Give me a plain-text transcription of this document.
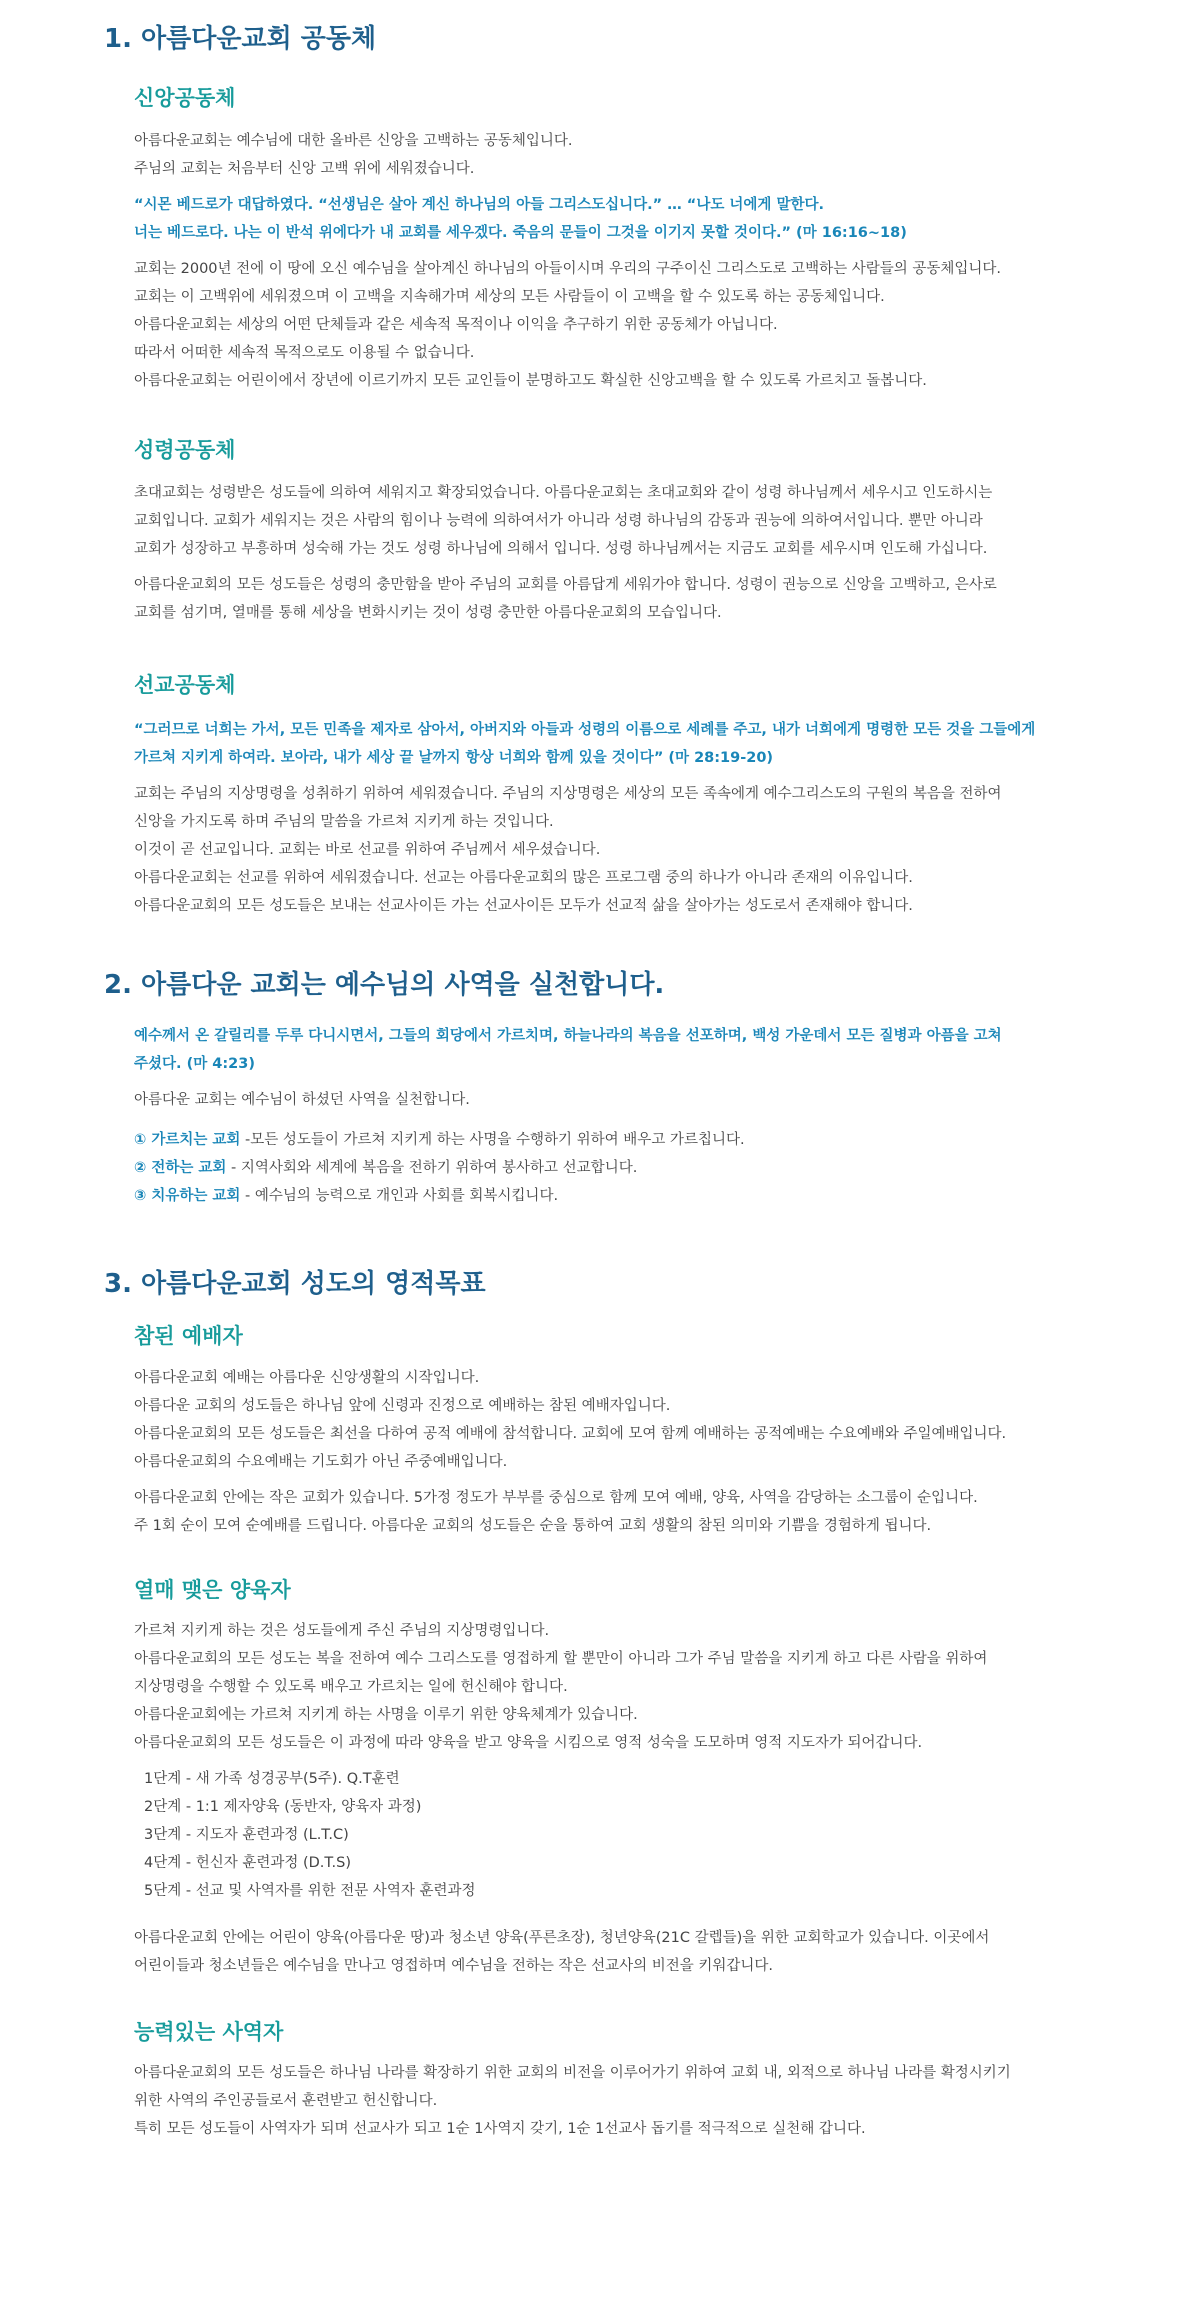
1. 아름다운교회 공동체
신앙공동체
아름다운교회는 예수님에 대한 올바른 신앙을 고백하는 공동체입니다.
주님의 교회는 처음부터 신앙 고백 위에 세워졌습니다.
“시몬 베드로가 대답하였다. “선생님은 살아 계신 하나님의 아들 그리스도십니다.” … “나도 너에게 말한다.
너는 베드로다. 나는 이 반석 위에다가 내 교회를 세우겠다. 죽음의 문들이 그것을 이기지 못할 것이다.” (마 16:16~18)
교회는 2000년 전에 이 땅에 오신 예수님을 살아계신 하나님의 아들이시며 우리의 구주이신 그리스도로 고백하는 사람들의 공동체입니다.
교회는 이 고백위에 세워졌으며 이 고백을 지속해가며 세상의 모든 사람들이 이 고백을 할 수 있도록 하는 공동체입니다.
아름다운교회는 세상의 어떤 단체들과 같은 세속적 목적이나 이익을 추구하기 위한 공동체가 아닙니다.
따라서 어떠한 세속적 목적으로도 이용될 수 없습니다.
아름다운교회는 어린이에서 장년에 이르기까지 모든 교인들이 분명하고도 확실한 신앙고백을 할 수 있도록 가르치고 돌봅니다.
성령공동체
초대교회는 성령받은 성도들에 의하여 세워지고 확장되었습니다. 아름다운교회는 초대교회와 같이 성령 하나님께서 세우시고 인도하시는
교회입니다. 교회가 세워지는 것은 사람의 힘이나 능력에 의하여서가 아니라 성령 하나님의 감동과 권능에 의하여서입니다. 뿐만 아니라
교회가 성장하고 부흥하며 성숙해 가는 것도 성령 하나님에 의해서 입니다. 성령 하나님께서는 지금도 교회를 세우시며 인도해 가십니다.
아름다운교회의 모든 성도들은 성령의 충만함을 받아 주님의 교회를 아름답게 세워가야 합니다. 성령이 권능으로 신앙을 고백하고, 은사로
교회를 섬기며, 열매를 통해 세상을 변화시키는 것이 성령 충만한 아름다운교회의 모습입니다.
선교공동체
“그러므로 너희는 가서, 모든 민족을 제자로 삼아서, 아버지와 아들과 성령의 이름으로 세례를 주고, 내가 너희에게 명령한 모든 것을 그들에게
가르쳐 지키게 하여라. 보아라, 내가 세상 끝 날까지 항상 너희와 함께 있을 것이다” (마 28:19-20)
교회는 주님의 지상명령을 성취하기 위하여 세워졌습니다. 주님의 지상명령은 세상의 모든 족속에게 예수그리스도의 구원의 복음을 전하여
신앙을 가지도록 하며 주님의 말씀을 가르쳐 지키게 하는 것입니다.
이것이 곧 선교입니다. 교회는 바로 선교를 위하여 주님께서 세우셨습니다.
아름다운교회는 선교를 위하여 세워졌습니다. 선교는 아름다운교회의 많은 프로그램 중의 하나가 아니라 존재의 이유입니다.
아름다운교회의 모든 성도들은 보내는 선교사이든 가는 선교사이든 모두가 선교적 삶을 살아가는 성도로서 존재해야 합니다.
2. 아름다운 교회는 예수님의 사역을 실천합니다.
예수께서 온 갈릴리를 두루 다니시면서, 그들의 회당에서 가르치며, 하늘나라의 복음을 선포하며, 백성 가운데서 모든 질병과 아픔을 고쳐
주셨다. (마 4:23)
아름다운 교회는 예수님이 하셨던 사역을 실천합니다.
① 가르치는 교회 -모든 성도들이 가르쳐 지키게 하는 사명을 수행하기 위하여 배우고 가르칩니다.
② 전하는 교회 - 지역사회와 세계에 복음을 전하기 위하여 봉사하고 선교합니다.
③ 치유하는 교회 - 예수님의 능력으로 개인과 사회를 회복시킵니다.
3. 아름다운교회 성도의 영적목표
참된 예배자
아름다운교회 예배는 아름다운 신앙생활의 시작입니다.
아름다운 교회의 성도들은 하나님 앞에 신령과 진정으로 예배하는 참된 예배자입니다.
아름다운교회의 모든 성도들은 최선을 다하여 공적 예배에 참석합니다. 교회에 모여 함께 예배하는 공적예배는 수요예배와 주일예배입니다.
아름다운교회의 수요예배는 기도회가 아닌 주중예배입니다.
아름다운교회 안에는 작은 교회가 있습니다. 5가정 정도가 부부를 중심으로 함께 모여 예배, 양육, 사역을 감당하는 소그룹이 순입니다.
주 1회 순이 모여 순예배를 드립니다. 아름다운 교회의 성도들은 순을 통하여 교회 생활의 참된 의미와 기쁨을 경험하게 됩니다.
열매 맺은 양육자
가르쳐 지키게 하는 것은 성도들에게 주신 주님의 지상명령입니다.
아름다운교회의 모든 성도는 복을 전하여 예수 그리스도를 영접하게 할 뿐만이 아니라 그가 주님 말씀을 지키게 하고 다른 사람을 위하여
지상명령을 수행할 수 있도록 배우고 가르치는 일에 헌신해야 합니다.
아름다운교회에는 가르쳐 지키게 하는 사명을 이루기 위한 양육체계가 있습니다.
아름다운교회의 모든 성도들은 이 과정에 따라 양육을 받고 양육을 시킴으로 영적 성숙을 도모하며 영적 지도자가 되어갑니다.
1단계 - 새 가족 성경공부(5주). Q.T훈련
2단계 - 1:1 제자양육 (동반자, 양육자 과정)
3단계 - 지도자 훈련과정 (L.T.C)
4단계 - 헌신자 훈련과정 (D.T.S)
5단계 - 선교 및 사역자를 위한 전문 사역자 훈련과정
아름다운교회 안에는 어린이 양육(아름다운 땅)과 청소년 양육(푸른초장), 청년양육(21C 갈렙들)을 위한 교회학교가 있습니다. 이곳에서
어린이들과 청소년들은 예수님을 만나고 영접하며 예수님을 전하는 작은 선교사의 비전을 키워갑니다.
능력있는 사역자
아름다운교회의 모든 성도들은 하나님 나라를 확장하기 위한 교회의 비전을 이루어가기 위하여 교회 내, 외적으로 하나님 나라를 확정시키기
위한 사역의 주인공들로서 훈련받고 헌신합니다.
특히 모든 성도들이 사역자가 되며 선교사가 되고 1순 1사역지 갖기, 1순 1선교사 돕기를 적극적으로 실천해 갑니다.
